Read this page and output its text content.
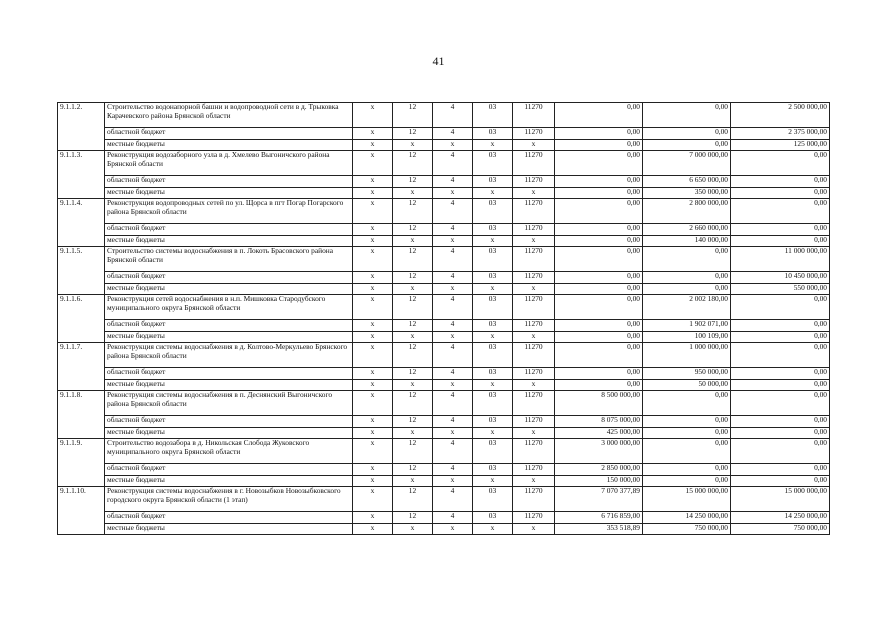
41
9.1.1.2.	Строительство водонапорной башни и водопроводной сети в д. Трыковка Карачевского района Брянской области	х	12	4	03	11270	0,00	0,00	2 500 000,00
	областной бюджет	х	12	4	03	11270	0,00	0,00	2 375 000,00
	местные бюджеты	х	х	х	х	х	0,00	0,00	125 000,00
9.1.1.3.	Реконструкция водозаборного узла в д. Хмелево Выгоничского района Брянской области	х	12	4	03	11270	0,00	7 000 000,00	0,00
	областной бюджет	х	12	4	03	11270	0,00	6 650 000,00	0,00
	местные бюджеты	х	х	х	х	х	0,00	350 000,00	0,00
9.1.1.4.	Реконструкция водопроводных сетей по ул. Щорса в пгт Погар Погарского района Брянской области	х	12	4	03	11270	0,00	2 800 000,00	0,00
	областной бюджет	х	12	4	03	11270	0,00	2 660 000,00	0,00
	местные бюджеты	х	х	х	х	х	0,00	140 000,00	0,00
9.1.1.5.	Строительство системы водоснабжения в п. Локоть Брасовского района Брянской области	х	12	4	03	11270	0,00	0,00	11 000 000,00
	областной бюджет	х	12	4	03	11270	0,00	0,00	10 450 000,00
	местные бюджеты	х	х	х	х	х	0,00	0,00	550 000,00
9.1.1.6.	Реконструкция сетей водоснабжения в н.п. Мишковка Стародубского муниципального округа Брянской области	х	12	4	03	11270	0,00	2 002 180,00	0,00
	областной бюджет	х	12	4	03	11270	0,00	1 902 071,00	0,00
	местные бюджеты	х	х	х	х	х	0,00	100 109,00	0,00
9.1.1.7.	Реконструкция системы водоснабжения в д. Колтово-Меркульево Брянского района Брянской области	х	12	4	03	11270	0,00	1 000 000,00	0,00
	областной бюджет	х	12	4	03	11270	0,00	950 000,00	0,00
	местные бюджеты	х	х	х	х	х	0,00	50 000,00	0,00
9.1.1.8.	Реконструкция системы водоснабжения в п. Деснянский Выгоничского района Брянской области	х	12	4	03	11270	8 500 000,00	0,00	0,00
	областной бюджет	х	12	4	03	11270	8 075 000,00	0,00	0,00
	местные бюджеты	х	х	х	х	х	425 000,00	0,00	0,00
9.1.1.9.	Строительство водозабора в д. Никольская Слобода Жуковского муниципального округа Брянской области	х	12	4	03	11270	3 000 000,00	0,00	0,00
	областной бюджет	х	12	4	03	11270	2 850 000,00	0,00	0,00
	местные бюджеты	х	х	х	х	х	150 000,00	0,00	0,00
9.1.1.10.	Реконструкция системы водоснабжения в г. Новозыбков Новозыбковского городского округа Брянской области (1 этап)	х	12	4	03	11270	7 070 377,89	15 000 000,00	15 000 000,00
	областной бюджет	х	12	4	03	11270	6 716 859,00	14 250 000,00	14 250 000,00
	местные бюджеты	х	х	х	х	х	353 518,89	750 000,00	750 000,00
